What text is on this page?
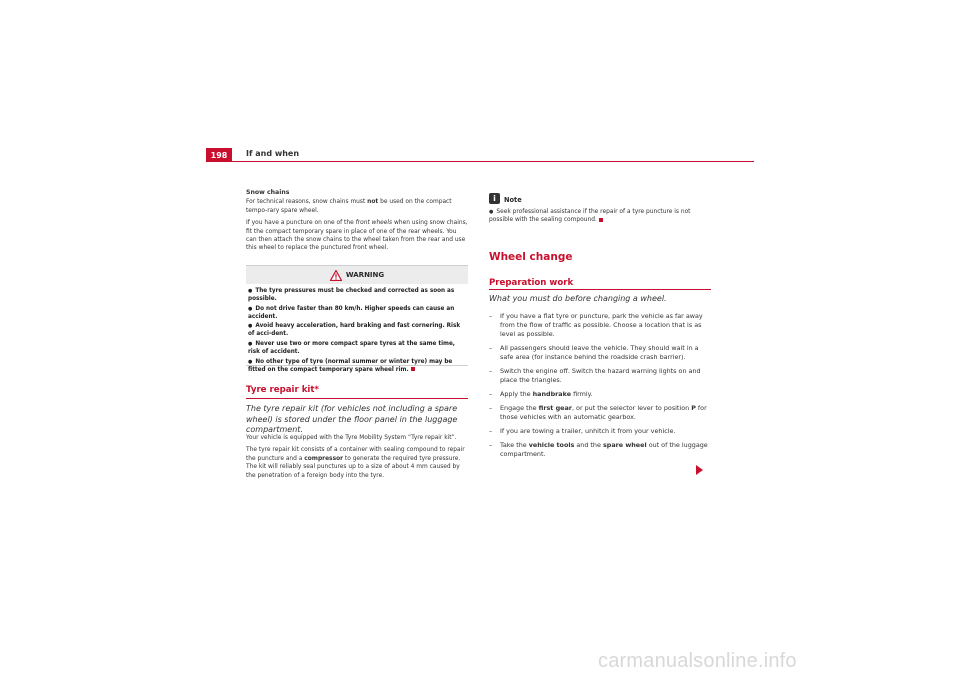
198	If and when

Snow chains

For technical reasons, snow chains must not be used on the compact tempo-rary spare wheel.

If you have a puncture on one of the front wheels when using snow chains, fit the compact temporary spare in place of one of the rear wheels. You can then attach the snow chains to the wheel taken from the rear and use this wheel to replace the punctured front wheel.

WARNING
● The tyre pressures must be checked and corrected as soon as possible.
● Do not drive faster than 80 km/h. Higher speeds can cause an accident.
● Avoid heavy acceleration, hard braking and fast cornering. Risk of acci-dent.
● Never use two or more compact spare tyres at the same time, risk of accident.
● No other type of tyre (normal summer or winter tyre) may be fitted on the compact temporary spare wheel rim.
Tyre repair kit*
The tyre repair kit (for vehicles not including a spare wheel) is stored under the floor panel in the luggage compartment.

Your vehicle is equipped with the Tyre Mobility System “Tyre repair kit”.

The tyre repair kit consists of a container with sealing compound to repair the puncture and a compressor to generate the required tyre pressure. The kit will reliably seal punctures up to a size of about 4 mm caused by the penetration of a foreign body into the tyre.

i	Note

● Seek professional assistance if the repair of a tyre puncture is not possible with the sealing compound.

Wheel change
Preparation work
What you must do before changing a wheel.
–	If you have a flat tyre or puncture, park the vehicle as far away from the flow of traffic as possible. Choose a location that is as level as possible.
–	All passengers should leave the vehicle. They should wait in a safe area (for instance behind the roadside crash barrier).
–	Switch the engine off. Switch the hazard warning lights on and place the triangles.
–	Apply the handbrake firmly.
–	Engage the first gear, or put the selector lever to position P for those vehicles with an automatic gearbox.
–	If you are towing a trailer, unhitch it from your vehicle.
–	Take the vehicle tools and the spare wheel out of the luggage compartment.
carmanualsonline.info
